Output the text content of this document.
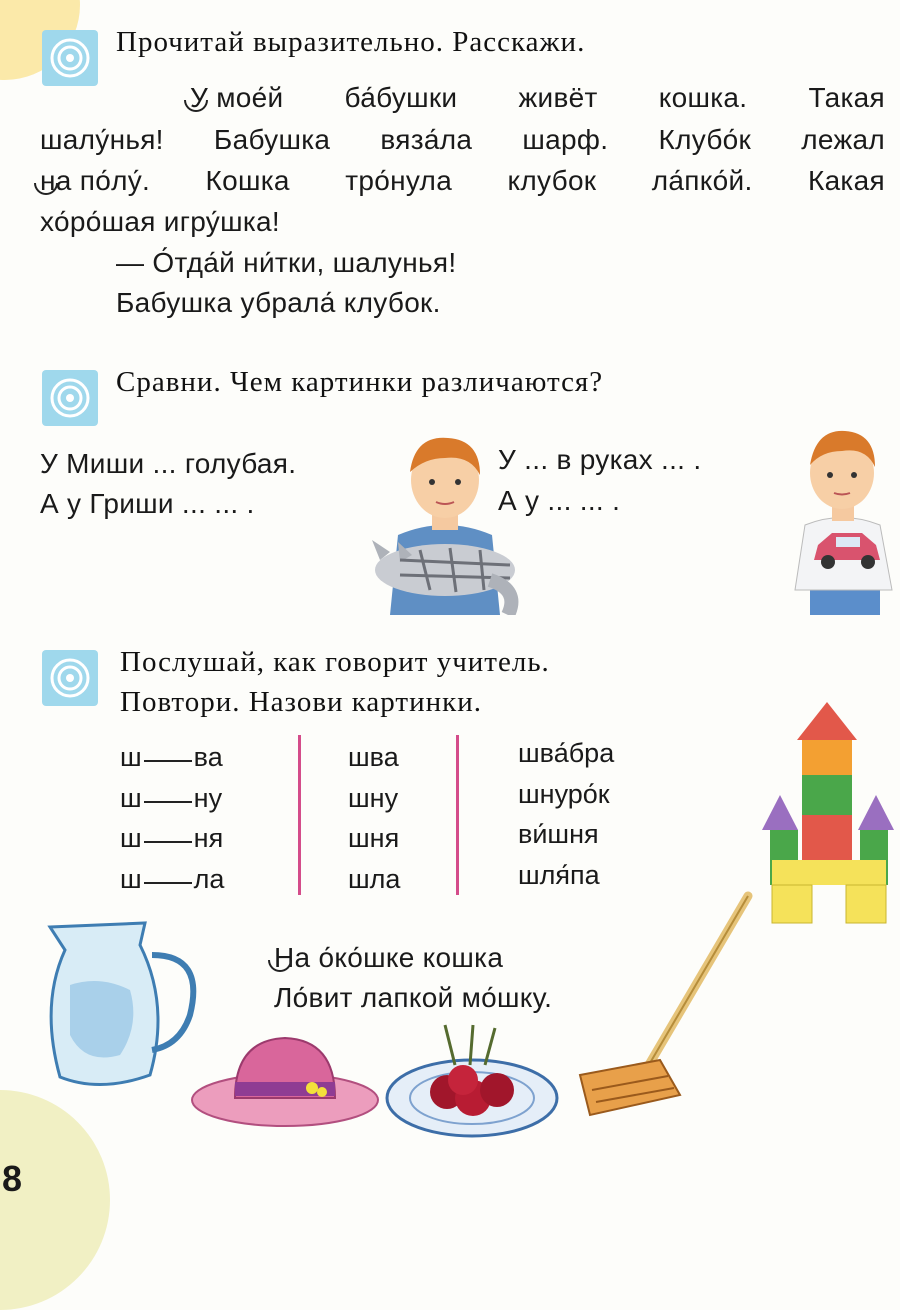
Прочитай выразительно. Расскажи.
У мое́й ба́бушки живёт кошка. Такая
шалу́нья! Бабушка вяза́ла шарф. Клубо́к лежал
на по́лу́. Кошка тро́нула клубок ла́пко́й. Какая
хо́ро́шая игру́шка!
— О́тда́й ни́тки, шалунья!
Бабушка убрала́ клубок.
Сравни. Чем картинки различаются?
У Миши ... голубая.
А у Гриши ... ... .
У ... в руках ... .
А у ... ... .
Послушай, как говорит учитель.
Повтори. Назови картинки.
ш ва
ш ну
ш ня
ш ла
шва
шну
шня
шла
шва́бра
шнуро́к
ви́шня
шля́па
На о́ко́шке кошка
Ло́вит лапкой мо́шку.
8
